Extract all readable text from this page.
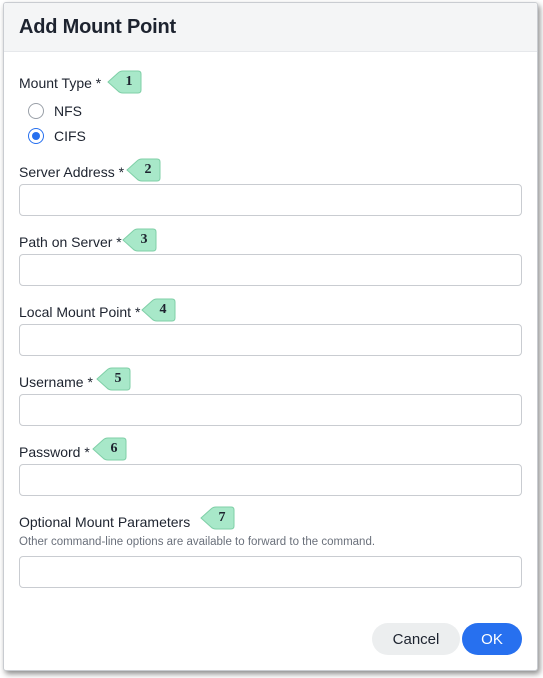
Add Mount Point
Mount Type *	1
NFS
CIFS
Server Address *	2
Path on Server *	3
Local Mount Point *	4
Username *	5
Password *	6
Optional Mount Parameters	7
Other command-line options are available to forward to the command.
Cancel	OK
